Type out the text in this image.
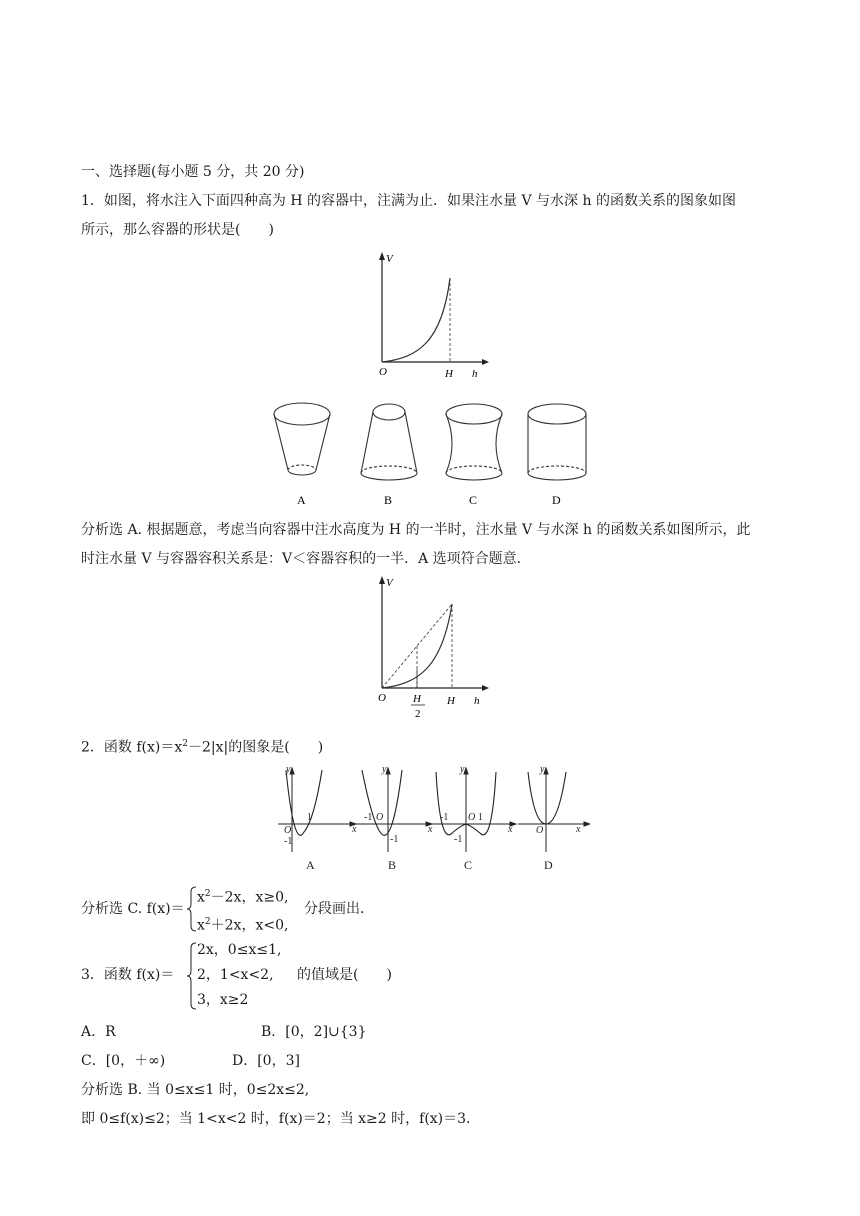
一、选择题(每小题 5 分，共 20 分)
1．如图，将水注入下面四种高为 H 的容器中，注满为止．如果注水量 V 与水深 h 的函数关系的图象如图
所示，那么容器的形状是(　　)
V
O	H h
A	B	C	D
分析选 A. 根据题意，考虑当向容器中注水高度为 H 的一半时，注水量 V 与水深 h 的函数关系如图所示，此
时注水量 V 与容器容积关系是：V＜容器容积的一半．A 选项符合题意．
V
O H
2
H h
2．函数 $f(x)=x^2-2|x|$的图象是(　　)
y
O
1
-1
x
y
-1 O
-1
x
y
-1 O 1
-1
x
y
O	x
A	B	C	D
分析选 C. f(x)＝
$x^2-2x$，x≥0,
$x^2+2x$，x<0,
分段画出．
3．函数 f(x)＝
2x，0≤x≤1,
2，1<x<2,
3，x≥2
的值域是(　　)
A．R	B．[0，2]∪{3}
C．[0，＋∞)	D．[0，3]
分析选 B. 当 0≤x≤1 时，0≤2x≤2,
即 0≤f(x)≤2；当 1<x<2 时，f(x)＝2；当 x≥2 时，f(x)＝3.
